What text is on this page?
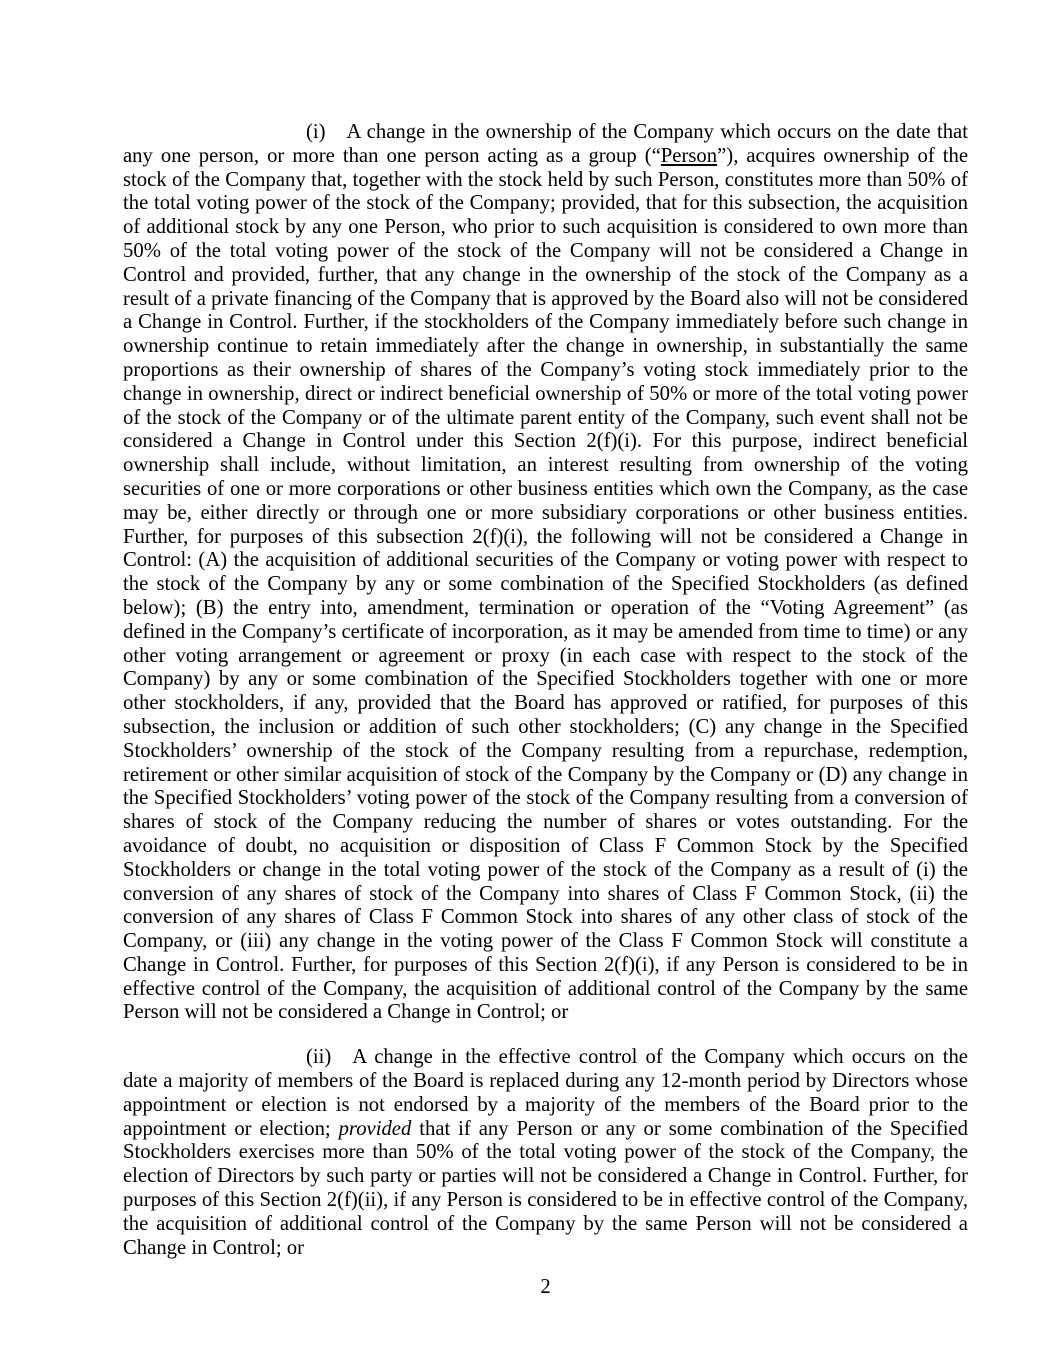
(i) A change in the ownership of the Company which occurs on the date that any one person, or more than one person acting as a group (“Person”), acquires ownership of the stock of the Company that, together with the stock held by such Person, constitutes more than 50% of the total voting power of the stock of the Company; provided, that for this subsection, the acquisition of additional stock by any one Person, who prior to such acquisition is considered to own more than 50% of the total voting power of the stock of the Company will not be considered a Change in Control and provided, further, that any change in the ownership of the stock of the Company as a result of a private financing of the Company that is approved by the Board also will not be considered a Change in Control. Further, if the stockholders of the Company immediately before such change in ownership continue to retain immediately after the change in ownership, in substantially the same proportions as their ownership of shares of the Company’s voting stock immediately prior to the change in ownership, direct or indirect beneficial ownership of 50% or more of the total voting power of the stock of the Company or of the ultimate parent entity of the Company, such event shall not be considered a Change in Control under this Section 2(f)(i). For this purpose, indirect beneficial ownership shall include, without limitation, an interest resulting from ownership of the voting securities of one or more corporations or other business entities which own the Company, as the case may be, either directly or through one or more subsidiary corporations or other business entities. Further, for purposes of this subsection 2(f)(i), the following will not be considered a Change in Control: (A) the acquisition of additional securities of the Company or voting power with respect to the stock of the Company by any or some combination of the Specified Stockholders (as defined below); (B) the entry into, amendment, termination or operation of the “Voting Agreement” (as defined in the Company’s certificate of incorporation, as it may be amended from time to time) or any other voting arrangement or agreement or proxy (in each case with respect to the stock of the Company) by any or some combination of the Specified Stockholders together with one or more other stockholders, if any, provided that the Board has approved or ratified, for purposes of this subsection, the inclusion or addition of such other stockholders; (C) any change in the Specified Stockholders’ ownership of the stock of the Company resulting from a repurchase, redemption, retirement or other similar acquisition of stock of the Company by the Company or (D) any change in the Specified Stockholders’ voting power of the stock of the Company resulting from a conversion of shares of stock of the Company reducing the number of shares or votes outstanding. For the avoidance of doubt, no acquisition or disposition of Class F Common Stock by the Specified Stockholders or change in the total voting power of the stock of the Company as a result of (i) the conversion of any shares of stock of the Company into shares of Class F Common Stock, (ii) the conversion of any shares of Class F Common Stock into shares of any other class of stock of the Company, or (iii) any change in the voting power of the Class F Common Stock will constitute a Change in Control. Further, for purposes of this Section 2(f)(i), if any Person is considered to be in effective control of the Company, the acquisition of additional control of the Company by the same Person will not be considered a Change in Control; or

(ii) A change in the effective control of the Company which occurs on the date a majority of members of the Board is replaced during any 12-month period by Directors whose appointment or election is not endorsed by a majority of the members of the Board prior to the appointment or election; provided that if any Person or any or some combination of the Specified Stockholders exercises more than 50% of the total voting power of the stock of the Company, the election of Directors by such party or parties will not be considered a Change in Control. Further, for purposes of this Section 2(f)(ii), if any Person is considered to be in effective control of the Company, the acquisition of additional control of the Company by the same Person will not be considered a Change in Control; or

2
